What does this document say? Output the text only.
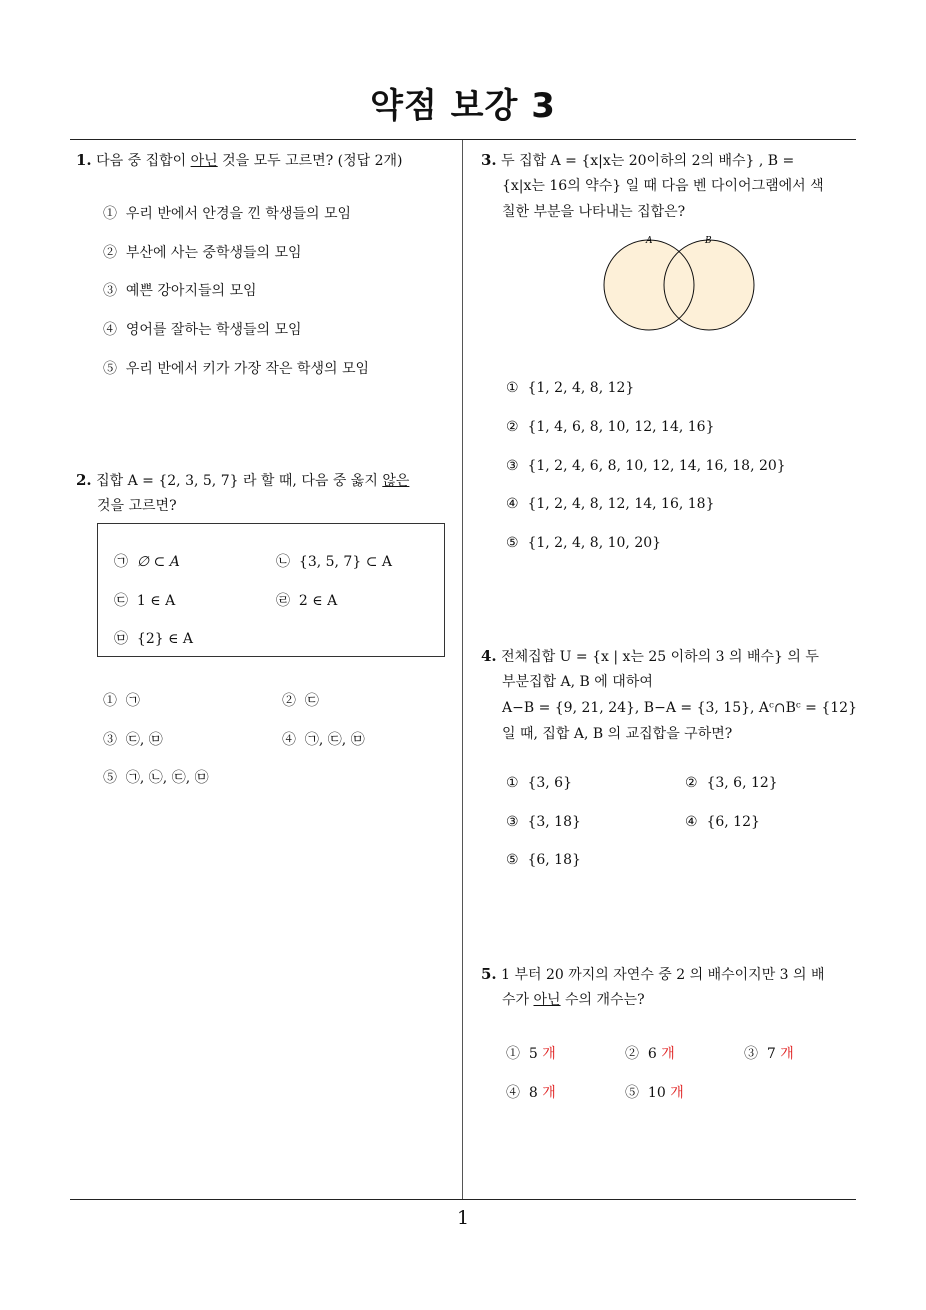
약점 보강 3
1
1. 다음 중 집합이 아닌 것을 모두 고르면? (정답 2개)
① 우리 반에서 안경을 낀 학생들의 모임
② 부산에 사는 중학생들의 모임
③ 예쁜 강아지들의 모임
④ 영어를 잘하는 학생들의 모임
⑤ 우리 반에서 키가 가장 작은 학생의 모임
2. 집합 A = {2, 3, 5, 7} 라 할 때, 다음 중 옳지 않은
것을 고르면?
㉠ ∅ ⊂ A	㉡ {3, 5, 7} ⊂ A
㉢ 1 ∈ A	㉣ 2 ∈ A
㉤ {2} ∈ A
① ㉠	② ㉢
③ ㉢, ㉤	④ ㉠, ㉢, ㉤
⑤ ㉠, ㉡, ㉢, ㉤
3. 두 집합 A = {x|x는 20이하의 2의 배수} , B =
{x|x는 16의 약수} 일 때 다음 벤 다이어그램에서 색
칠한 부분을 나타내는 집합은?
A	B
① {1, 2, 4, 8, 12}
② {1, 4, 6, 8, 10, 12, 14, 16}
③ {1, 2, 4, 6, 8, 10, 12, 14, 16, 18, 20}
④ {1, 2, 4, 8, 12, 14, 16, 18}
⑤ {1, 2, 4, 8, 10, 20}
4. 전체집합 U = {x | x는 25 이하의 3 의 배수} 의 두
부분집합 A, B 에 대하여
A−B = {9, 21, 24}, B−A = {3, 15}, Aᶜ∩Bᶜ = {12}
일 때, 집합 A, B 의 교집합을 구하면?
① {3, 6}	② {3, 6, 12}
③ {3, 18}	④ {6, 12}
⑤ {6, 18}
5. 1 부터 20 까지의 자연수 중 2 의 배수이지만 3 의 배
수가 아닌 수의 개수는?
① 5 개	② 6 개	③ 7 개
④ 8 개	⑤ 10 개
